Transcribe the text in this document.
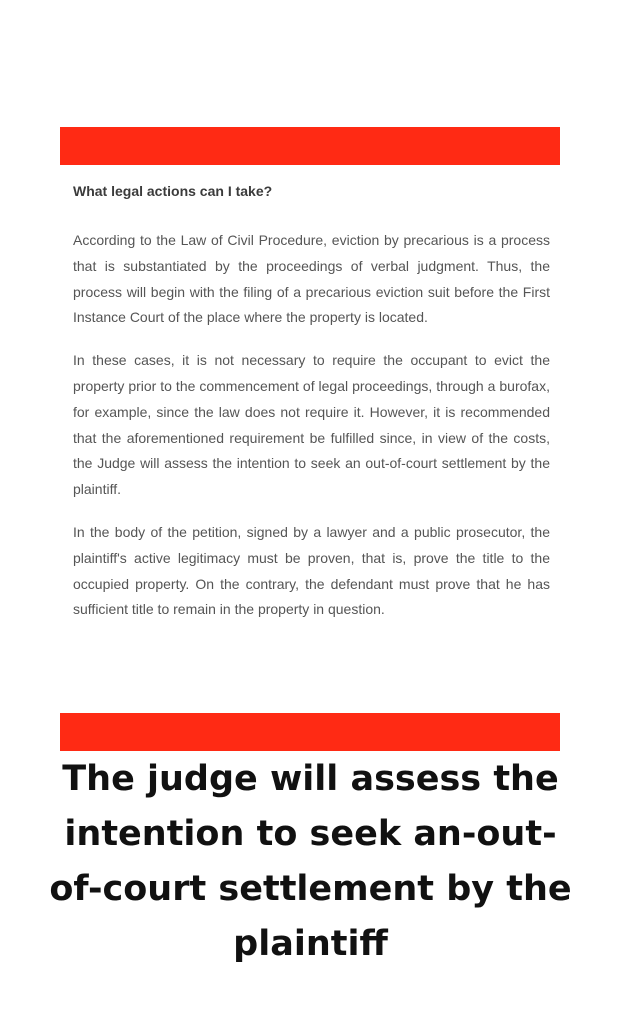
What legal actions can I take?

According to the Law of Civil Procedure, eviction by precarious is a process that is substantiated by the proceedings of verbal judgment. Thus, the process will begin with the filing of a precarious eviction suit before the First Instance Court of the place where the property is located.

In these cases, it is not necessary to require the occupant to evict the property prior to the commencement of legal proceedings, through a burofax, for example, since the law does not require it. However, it is recommended that the aforementioned requirement be fulfilled since, in view of the costs, the Judge will assess the intention to seek an out-of-court settlement by the plaintiff.

In the body of the petition, signed by a lawyer and a public prosecutor, the plaintiff's active legitimacy must be proven, that is, prove the title to the occupied property. On the contrary, the defendant must prove that he has sufficient title to remain in the property in question.

The judge will assess the intention to seek an-out-of-court settlement by the plaintiff
